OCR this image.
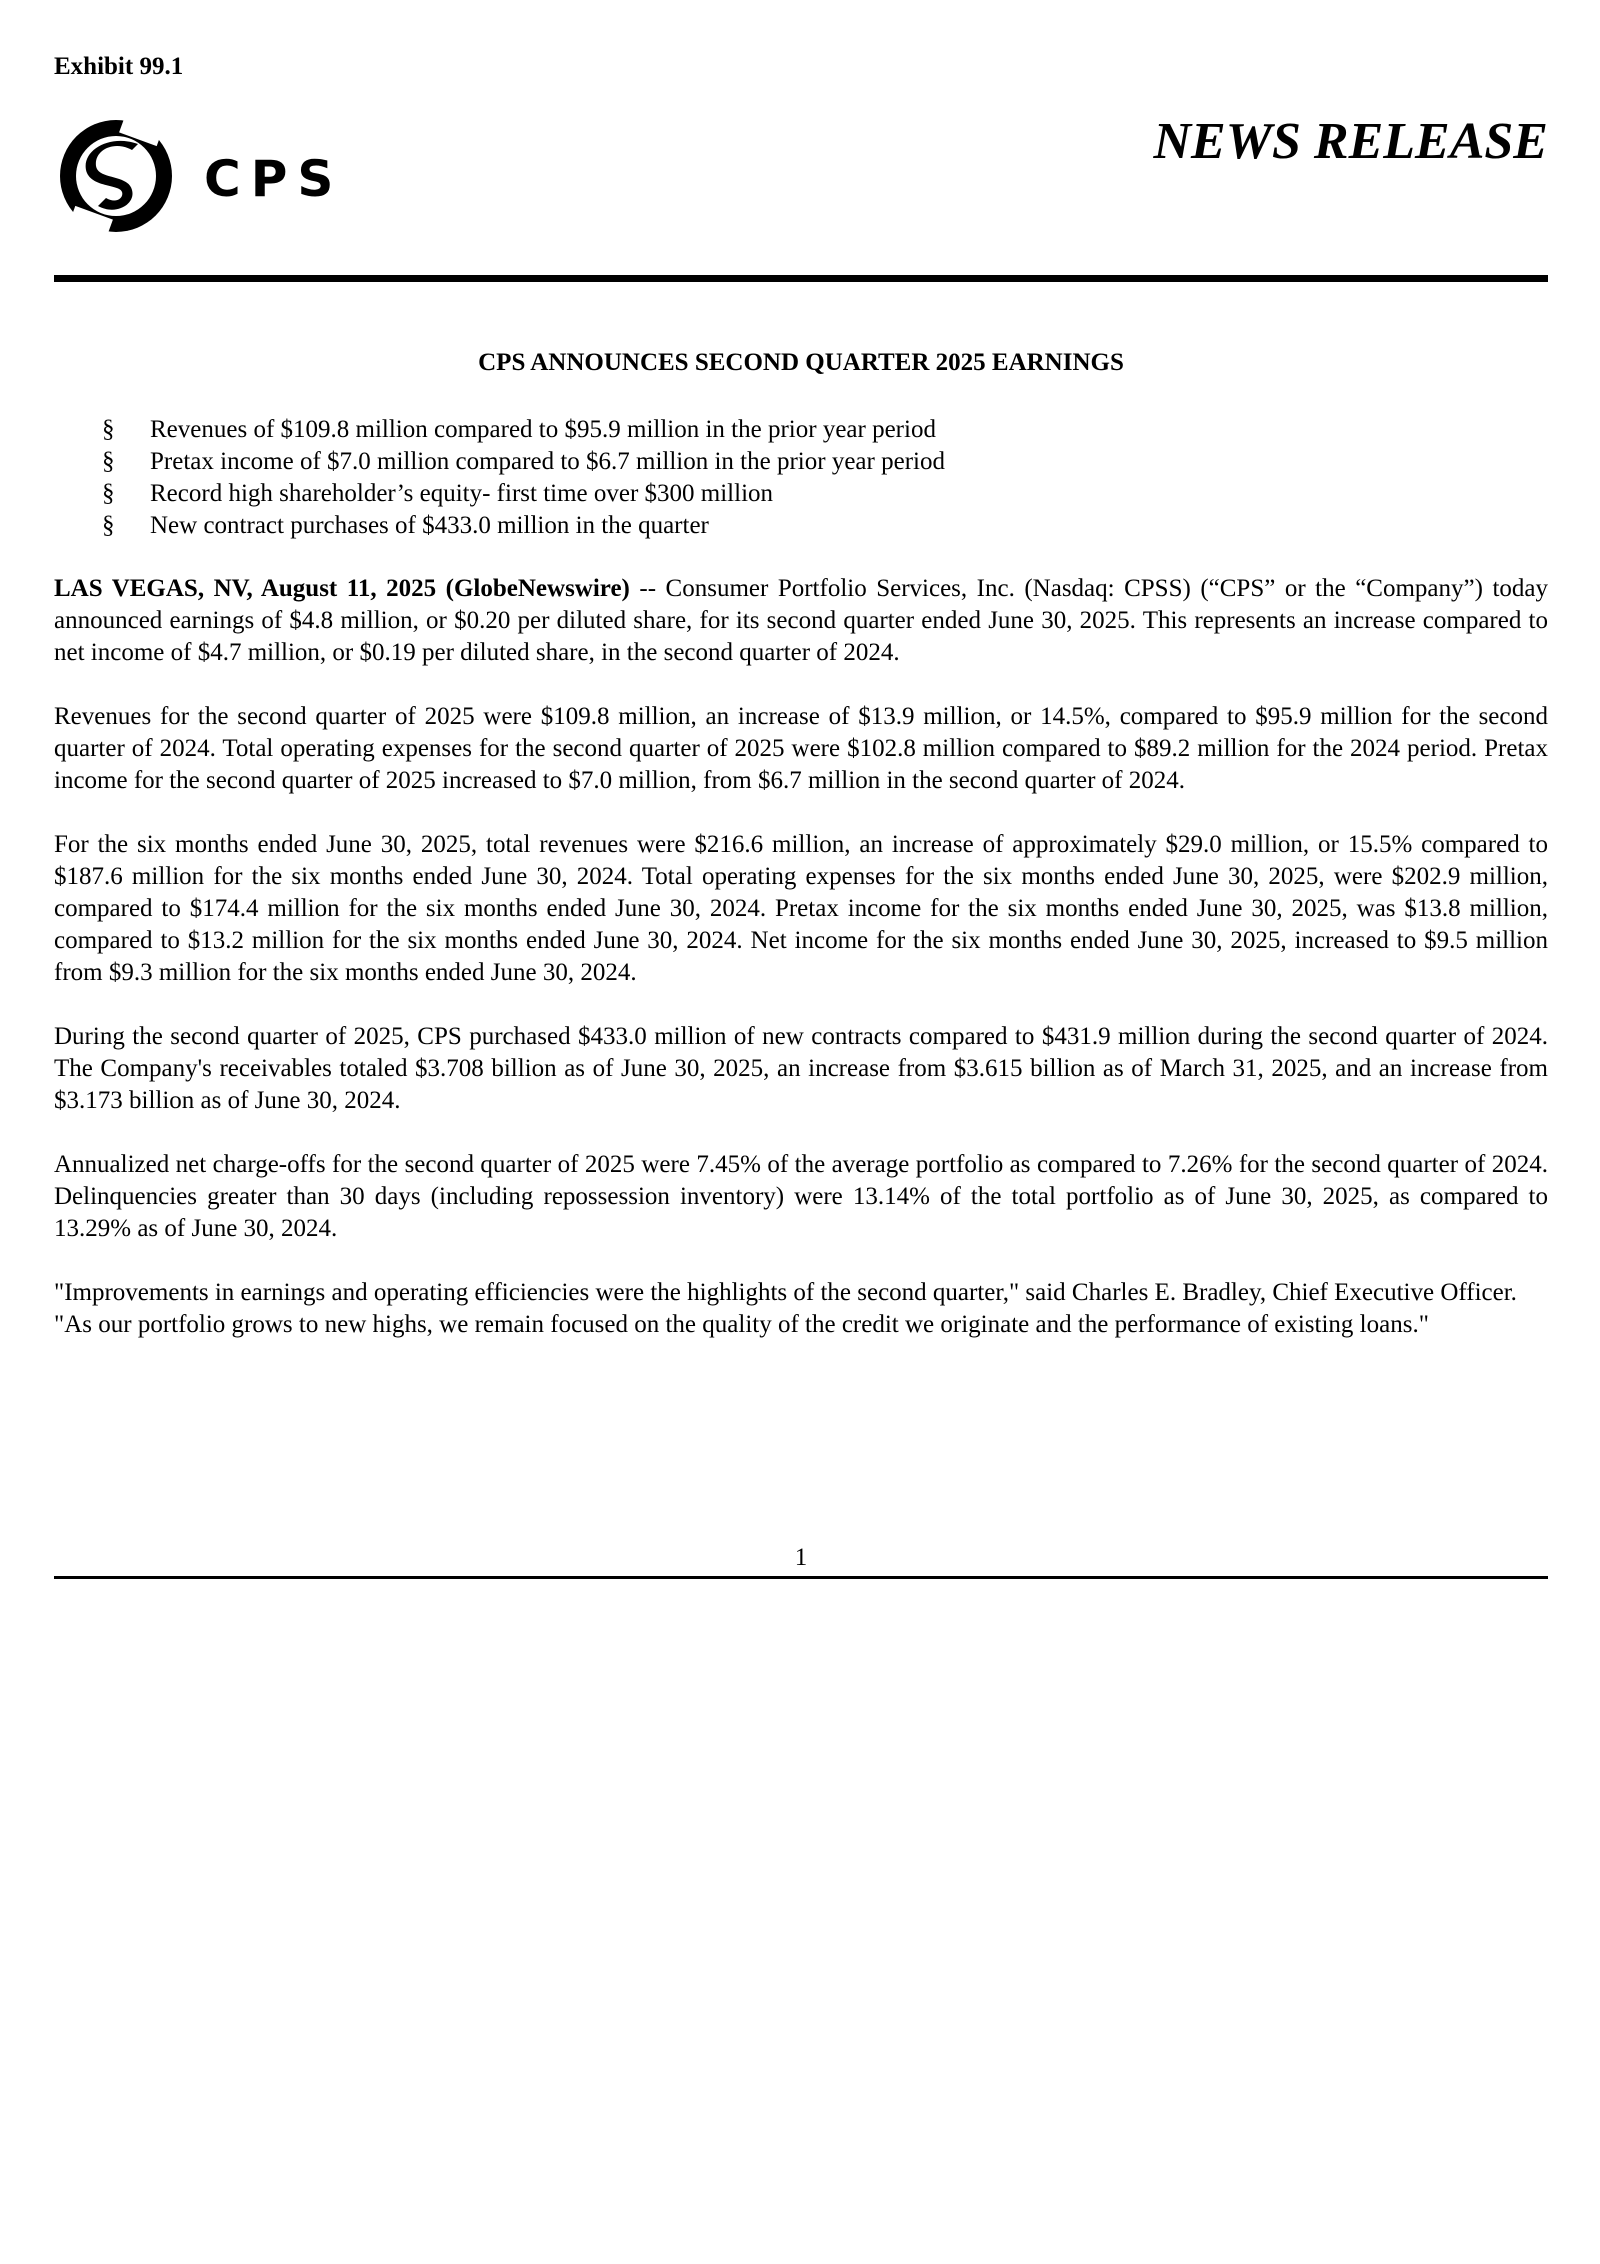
Exhibit 99.1
CPS
NEWS RELEASE
CPS ANNOUNCES SECOND QUARTER 2025 EARNINGS
§ Revenues of $109.8 million compared to $95.9 million in the prior year period
§ Pretax income of $7.0 million compared to $6.7 million in the prior year period
§ Record high shareholder’s equity- first time over $300 million
§ New contract purchases of $433.0 million in the quarter

LAS VEGAS, NV, August 11, 2025 (GlobeNewswire) -- Consumer Portfolio Services, Inc. (Nasdaq: CPSS) (“CPS” or the “Company”) today announced earnings of $4.8 million, or $0.20 per diluted share, for its second quarter ended June 30, 2025. This represents an increase compared to net income of $4.7 million, or $0.19 per diluted share, in the second quarter of 2024.

Revenues for the second quarter of 2025 were $109.8 million, an increase of $13.9 million, or 14.5%, compared to $95.9 million for the second quarter of 2024. Total operating expenses for the second quarter of 2025 were $102.8 million compared to $89.2 million for the 2024 period. Pretax income for the second quarter of 2025 increased to $7.0 million, from $6.7 million in the second quarter of 2024.

For the six months ended June 30, 2025, total revenues were $216.6 million, an increase of approximately $29.0 million, or 15.5% compared to $187.6 million for the six months ended June 30, 2024. Total operating expenses for the six months ended June 30, 2025, were $202.9 million, compared to $174.4 million for the six months ended June 30, 2024. Pretax income for the six months ended June 30, 2025, was $13.8 million, compared to $13.2 million for the six months ended June 30, 2024. Net income for the six months ended June 30, 2025, increased to $9.5 million from $9.3 million for the six months ended June 30, 2024.

During the second quarter of 2025, CPS purchased $433.0 million of new contracts compared to $431.9 million during the second quarter of 2024. The Company's receivables totaled $3.708 billion as of June 30, 2025, an increase from $3.615 billion as of March 31, 2025, and an increase from $3.173 billion as of June 30, 2024.

Annualized net charge-offs for the second quarter of 2025 were 7.45% of the average portfolio as compared to 7.26% for the second quarter of 2024. Delinquencies greater than 30 days (including repossession inventory) were 13.14% of the total portfolio as of June 30, 2025, as compared to 13.29% as of June 30, 2024.

"Improvements in earnings and operating efficiencies were the highlights of the second quarter," said Charles E. Bradley, Chief Executive Officer. "As our portfolio grows to new highs, we remain focused on the quality of the credit we originate and the performance of existing loans."

1
